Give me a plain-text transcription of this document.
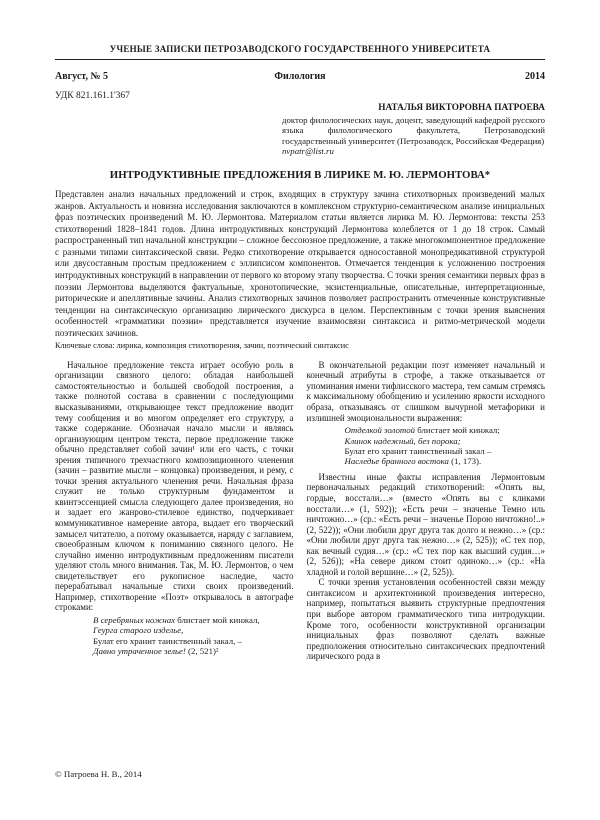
УЧЕНЫЕ ЗАПИСКИ ПЕТРОЗАВОДСКОГО ГОСУДАРСТВЕННОГО УНИВЕРСИТЕТА
Август, № 5	Филология	2014
УДК 821.161.1'367
НАТАЛЬЯ ВИКТОРОВНА ПАТРОЕВА
доктор филологических наук, доцент, заведующий кафедрой русского языка филологического факультета, Петрозаводский государственный университет (Петрозаводск, Российская Федерация)
nvpatr@list.ru
ИНТРОДУКТИВНЫЕ ПРЕДЛОЖЕНИЯ В ЛИРИКЕ М. Ю. ЛЕРМОНТОВА*

Представлен анализ начальных предложений и строк, входящих в структуру зачина стихотворных произведений малых жанров. Актуальность и новизна исследования заключаются в комплексном структурно-семантическом анализе инициальных фраз поэтических произведений М. Ю. Лермонтова. Материалом статьи является лирика М. Ю. Лермонтова: тексты 253 стихотворений 1828–1841 годов. Длина интродуктивных конструкций Лермонтова колеблется от 1 до 18 строк. Самый распространенный тип начальной конструкции – сложное бессоюзное предложение, а также многокомпонентное предложение с разными типами синтаксической связи. Редко стихотворение открывается односоставной монопредикативной структурой или двусоставным простым предложением с эллипсисом компонентов. Отмечается тенденция к усложнению построения интродуктивных конструкций в направлении от первого ко второму этапу творчества. С точки зрения семантики первых фраз в поэзии Лермонтова выделяются фактуальные, хронотопические, экзистенциальные, описательные, интерпретационные, риторические и апеллятивные зачины. Анализ стихотворных зачинов позволяет распространить отмеченные конструктивные тенденции на синтаксическую организацию лирического дискурса в целом. Перспективным с точки зрения выяснения особенностей «грамматики поэзии» представляется изучение взаимосвязи синтаксиса и ритмо-метрической модели поэтических зачинов.

Ключевые слова: лирика, композиция стихотворения, зачин, поэтический синтаксис

Начальное предложение текста играет особую роль в организации связного целого: обладая наибольшей самостоятельностью и большей свободой построения, а также полнотой состава в сравнении с последующими высказываниями, открывающее текст предложение вводит тему сообщения и во многом определяет его структуру, а также содержание. Обозначая начало мысли и являясь организующим центром текста, первое предложение также обычно представляет собой зачин¹ или его часть, с точки зрения типичного трехчастного композиционного членения (зачин – развитие мысли – концовка) произведения, и рему, с точки зрения актуального членения речи. Начальная фраза служит не только структурным фундаментом и квинтэссенцией смысла следующего далее произведения, но и задает его жанрово-стилевое единство, подчеркивает коммуникативное намерение автора, выдает его творческий замысел читателю, а потому оказывается, наряду с заглавием, своеобразным ключом к пониманию связного целого. Не случайно именно интродуктивным предложениям писатели уделяют столь много внимания. Так, М. Ю. Лермонтов, о чем свидетельствует его рукописное наследие, часто перерабатывал начальные стихи своих произведений. Например, стихотворение «Поэт» открывалось в автографе строками:

В серебряных ножнах блистает мой кинжал,
Геурга старого изделье,
Булат его хранит таинственный закал, –
Давно утраченное зелье! (2, 521)²

В окончательной редакции поэт изменяет начальный и конечный атрибуты в строфе, а также отказывается от упоминания имени тифлисского мастера, тем самым стремясь к максимальному обобщению и усилению яркости исходного образа, отказываясь от слишком вычурной метафорики и излишней эмоциональности выражения:

Отделкой золотой блистает мой кинжал;
Клинок надежный, без порока;
Булат его хранит таинственный закал –
Наследье бранного востока (1, 173).

Известны иные факты исправления Лермонтовым первоначальных редакций стихотворений: «Опять вы, гордые, восстали…» (вместо «Опять вы с кликами восстали…» (1, 592)); «Есть речи – значенье Темно иль ничтожно…» (ср.: «Есть речи – значенье Порою ничтожно!..» (2, 522)); «Они любили друг друга так долго и нежно…» (ср.: «Они любили друг друга так нежно…» (2, 525)); «С тех пор, как вечный судия…» (ср.: «С тех пор как высший судия…» (2, 526)); «На севере диком стоит одиноко…» (ср.: «На хладной и голой вершине…» (2, 525)).

С точки зрения установления особенностей связи между синтаксисом и архитектоникой произведения интересно, например, попытаться выявить структурные предпочтения при выборе автором грамматического типа интродукции. Кроме того, особенности конструктивной организации инициальных фраз позволяют сделать важные предположения относительно синтаксических предпочтений лирического рода в

© Патроева Н. В., 2014
